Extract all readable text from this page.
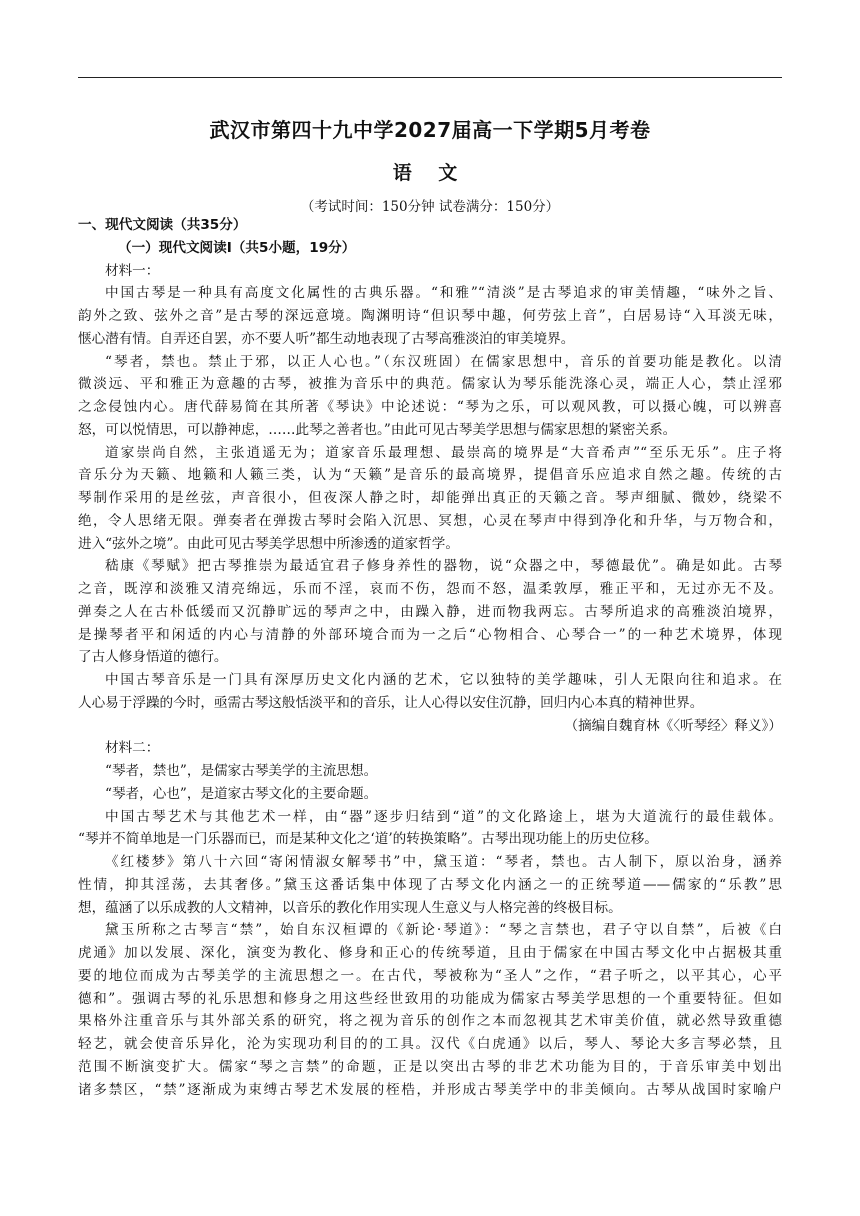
武汉市第四十九中学2027届高一下学期5月考卷
语 文
（考试时间：150分钟 试卷满分：150分）
一、现代文阅读（共35分）
（一）现代文阅读Ⅰ（共5小题，19分）
材料一：
中国古琴是一种具有高度文化属性的古典乐器。“和雅”“清淡”是古琴追求的审美情趣，“味外之旨、
韵外之致、弦外之音”是古琴的深远意境。陶渊明诗“但识琴中趣，何劳弦上音”，白居易诗“入耳淡无味，
惬心潜有情。自弄还自罢，亦不要人听”都生动地表现了古琴高雅淡泊的审美境界。
“琴者，禁也。禁止于邪，以正人心也。”（东汉班固）在儒家思想中，音乐的首要功能是教化。以清
微淡远、平和雅正为意趣的古琴，被推为音乐中的典范。儒家认为琴乐能洗涤心灵，端正人心，禁止淫邪
之念侵蚀内心。唐代薛易简在其所著《琴诀》中论述说：“琴为之乐，可以观风教，可以摄心魄，可以辨喜
怒，可以悦情思，可以静神虑，……此琴之善者也。”由此可见古琴美学思想与儒家思想的紧密关系。
道家崇尚自然，主张逍遥无为；道家音乐最理想、最崇高的境界是“大音希声”“至乐无乐”。庄子将
音乐分为天籁、地籁和人籁三类，认为“天籁”是音乐的最高境界，提倡音乐应追求自然之趣。传统的古
琴制作采用的是丝弦，声音很小，但夜深人静之时，却能弹出真正的天籁之音。琴声细腻、微妙，绕梁不
绝，令人思绪无限。弹奏者在弹拨古琴时会陷入沉思、冥想，心灵在琴声中得到净化和升华，与万物合和，
进入“弦外之境”。由此可见古琴美学思想中所渗透的道家哲学。
嵇康《琴赋》把古琴推崇为最适宜君子修身养性的器物，说“众器之中，琴德最优”。确是如此。古琴
之音，既淳和淡雅又清亮绵远，乐而不淫，哀而不伤，怨而不怒，温柔敦厚，雅正平和，无过亦无不及。
弹奏之人在古朴低缓而又沉静旷远的琴声之中，由躁入静，进而物我两忘。古琴所追求的高雅淡泊境界，
是操琴者平和闲适的内心与清静的外部环境合而为一之后“心物相合、心琴合一”的一种艺术境界，体现
了古人修身悟道的德行。
中国古琴音乐是一门具有深厚历史文化内涵的艺术，它以独特的美学趣味，引人无限向往和追求。在
人心易于浮躁的今时，亟需古琴这般恬淡平和的音乐，让人心得以安住沉静，回归内心本真的精神世界。
（摘编自魏育林《〈听琴经〉释义》）
材料二：
“琴者，禁也”，是儒家古琴美学的主流思想。
“琴者，心也”，是道家古琴文化的主要命题。
中国古琴艺术与其他艺术一样，由“器”逐步归结到“道”的文化路途上，堪为大道流行的最佳载体。
“琴并不简单地是一门乐器而已，而是某种文化之‘道’的转换策略”。古琴出现功能上的历史位移。
《红楼梦》第八十六回“寄闲情淑女解琴书”中，黛玉道：“琴者，禁也。古人制下，原以治身，涵养
性情，抑其淫荡，去其奢侈。”黛玉这番话集中体现了古琴文化内涵之一的正统琴道——儒家的“乐教”思
想，蕴涵了以乐成教的人文精神，以音乐的教化作用实现人生意义与人格完善的终极目标。
黛玉所称之古琴言“禁”，始自东汉桓谭的《新论·琴道》：“琴之言禁也，君子守以自禁”，后被《白
虎通》加以发展、深化，演变为教化、修身和正心的传统琴道，且由于儒家在中国古琴文化中占据极其重
要的地位而成为古琴美学的主流思想之一。在古代，琴被称为“圣人”之作，“君子听之，以平其心，心平
德和”。强调古琴的礼乐思想和修身之用这些经世致用的功能成为儒家古琴美学思想的一个重要特征。但如
果格外注重音乐与其外部关系的研究，将之视为音乐的创作之本而忽视其艺术审美价值，就必然导致重德
轻艺，就会使音乐异化，沦为实现功利目的的工具。汉代《白虎通》以后，琴人、琴论大多言琴必禁，且
范围不断演变扩大。儒家“琴之言禁”的命题，正是以突出古琴的非艺术功能为目的，于音乐审美中划出
诸多禁区，“禁”逐渐成为束缚古琴艺术发展的桎梏，并形成古琴美学中的非美倾向。古琴从战国时家喻户
